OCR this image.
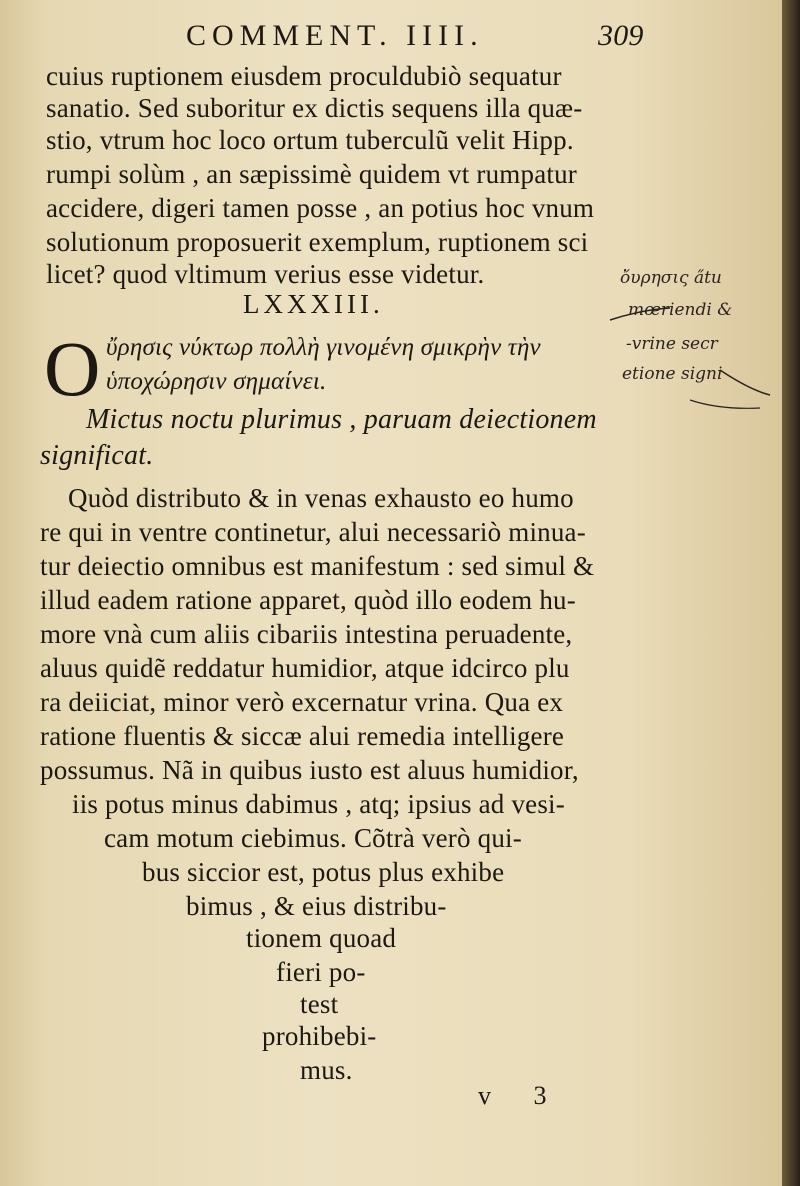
COMMENT. IIII.	309
cuius ruptionem eiusdem proculdubiò sequatur
sanatio. Sed suboritur ex dictis sequens illa quæ-
stio, vtrum hoc loco ortum tuberculũ velit Hipp.
rumpi solùm , an sæpissimè quidem vt rumpatur
accidere, digeri tamen posse , an potius hoc vnum
solutionum proposuerit exemplum, ruptionem sci
licet? quod vltimum verius esse videtur.
LXXXIII.
O ὔρησις νύκτωρ πολλὴ γινομένη σμικρὴν τὴν
ὑποχώρησιν σημαίνει.
Mictus noctu plurimus , paruam deiectionem
significat.
Quòd distributo & in venas exhausto eo humo
re qui in ventre continetur, alui necessariò minua-
tur deiectio omnibus est manifestum : sed simul &
illud eadem ratione apparet, quòd illo eodem hu-
more vnà cum aliis cibariis intestina peruadente,
aluus quidẽ reddatur humidior, atque idcirco plu
ra deiiciat, minor verò excernatur vrina. Qua ex
ratione fluentis & siccæ alui remedia intelligere
possumus. Nã in quibus iusto est aluus humidior,
iis potus minus dabimus , atq; ipsius ad vesi-
cam motum ciebimus. Cõtrà verò qui-
bus siccior est, potus plus exhibe
bimus , & eius distribu-
tionem quoad
fieri po-
test
prohibebi-
mus.
v 3
ὄυρησις a̋tu
mœriendi &
-vrine secr
etione signi
